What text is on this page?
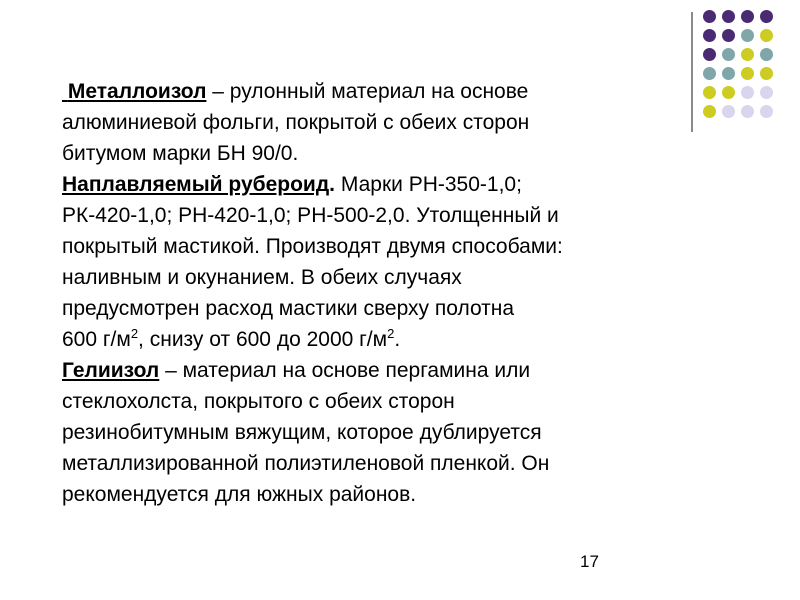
Металлоизол – рулонный материал на основе
алюминиевой фольги, покрытой с обеих сторон
битумом марки БН 90/0.
Наплавляемый рубероид. Марки РН-350-1,0;
РК-420-1,0; РН-420-1,0; РН-500-2,0. Утолщенный и
покрытый мастикой. Производят двумя способами:
наливным и окунанием. В обеих случаях
предусмотрен расход мастики сверху полотна
600 $г/м^2$, снизу от 600 до 2000 $г/м^2$.
Гелиизол – материал на основе пергамина или
стеклохолста, покрытого с обеих сторон
резинобитумным вяжущим, которое дублируется
металлизированной полиэтиленовой пленкой. Он
рекомендуется для южных районов.
17
